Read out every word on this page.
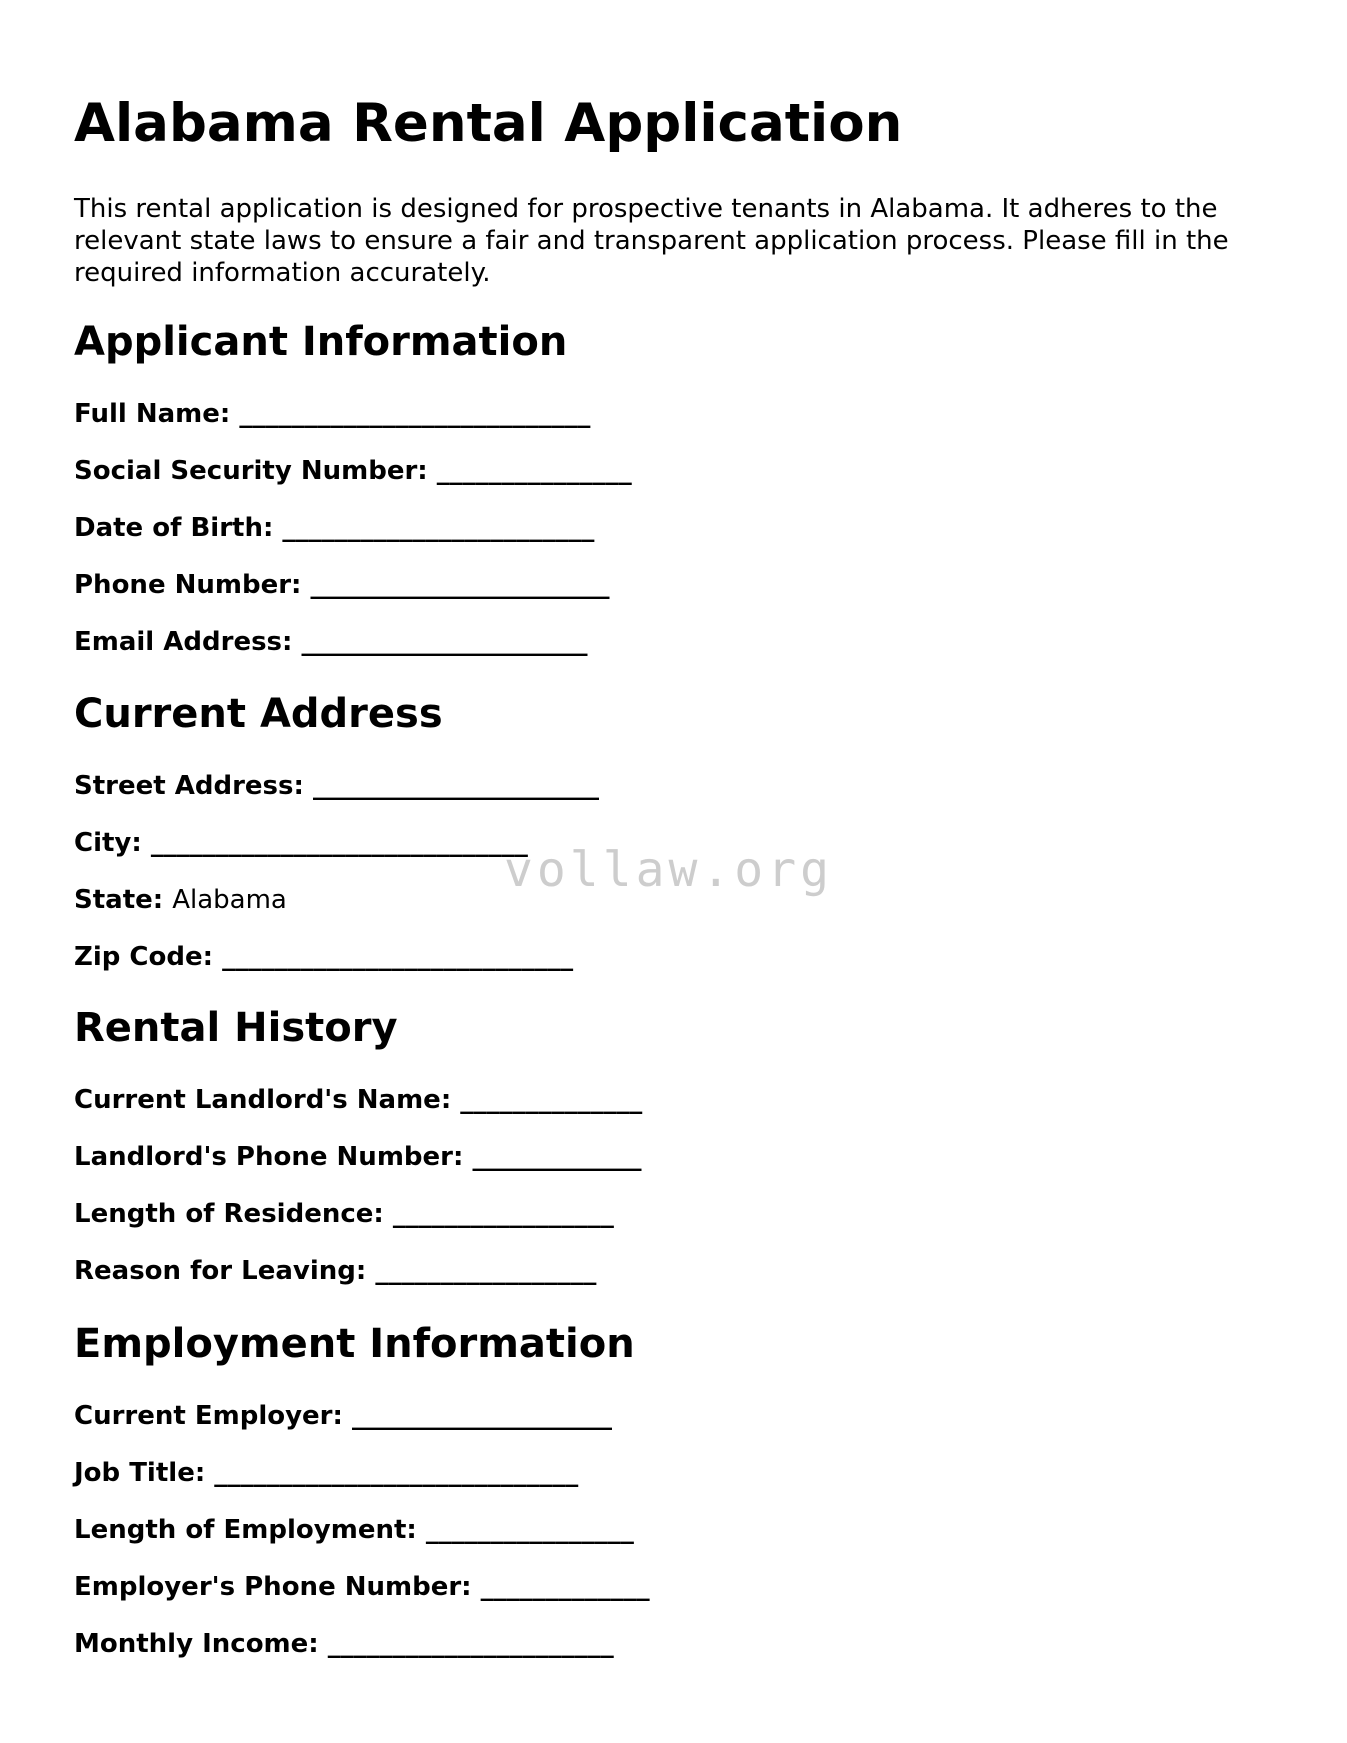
Alabama Rental Application

This rental application is designed for prospective tenants in Alabama. It adheres to the relevant state laws to ensure a fair and transparent application process. Please fill in the required information accurately.

Applicant Information
Full Name: ___________________________
Social Security Number: _______________
Date of Birth: ________________________
Phone Number: _______________________
Email Address: ______________________
Current Address
Street Address: ______________________
City: _____________________________
State: Alabama
Zip Code: ___________________________
Rental History
Current Landlord's Name: ______________
Landlord's Phone Number: _____________
Length of Residence: _________________
Reason for Leaving: _________________
Employment Information
Current Employer: ____________________
Job Title: ____________________________
Length of Employment: ________________
Employer's Phone Number: _____________
Monthly Income: ______________________
vollaw.org
